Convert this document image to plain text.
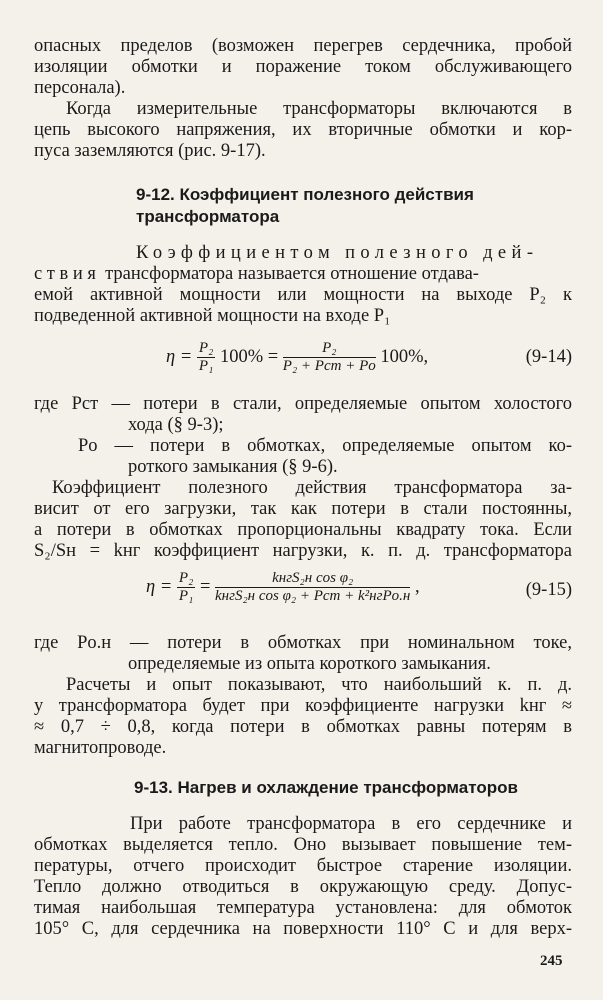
опасных пределов (возможен перегрев сердечника, пробой
изоляции обмотки и поражение током обслуживающего
персонала).
Когда измерительные трансформаторы включаются в
цепь высокого напряжения, их вторичные обмотки и кор-
пуса заземляются (рис. 9-17).
9-12. Коэффициент полезного действия
трансформатора
Коэффициентом полезного дей-
ствия трансформатора называется отношение отдава-
емой активной мощности или мощности на выходе P₂ к
подведенной активной мощности на входе P₁
$\eta = \frac{\text{P₂}}{\text{P₁}} 100\% = \frac{\text{P₂}}{\text{P₂ + Pст + Pо}} 100\%$,	(9-14)
где Pст — потери в стали, определяемые опытом холостого
хода (§ 9-3);
Pо — потери в обмотках, определяемые опытом ко-
роткого замыкания (§ 9-6).
Коэффициент полезного действия трансформатора за-
висит от его загрузки, так как потери в стали постоянны,
а потери в обмотках пропорциональны квадрату тока. Если
S₂/Sн = kнг коэффициент нагрузки, к. п. д. трансформатора
$\eta = \frac{\text{P₂}}{\text{P₁}} = \frac{\text{kнгS₂н cos φ₂}}{\text{kнгS₂н cos φ₂ + Pст + k²нгPо.н}}$ ,	(9-15)
где Pо.н — потери в обмотках при номинальном токе,
определяемые из опыта короткого замыкания.
Расчеты и опыт показывают, что наибольший к. п. д.
у трансформатора будет при коэффициенте нагрузки kнг ≈
≈ 0,7 ÷ 0,8, когда потери в обмотках равны потерям в
магнитопроводе.
9-13. Нагрев и охлаждение трансформаторов
При работе трансформатора в его сердечнике и
обмотках выделяется тепло. Оно вызывает повышение тем-
пературы, отчего происходит быстрое старение изоляции.
Тепло должно отводиться в окружающую среду. Допус-
тимая наибольшая температура установлена: для обмоток
105° C, для сердечника на поверхности 110° C и для верх-
245
